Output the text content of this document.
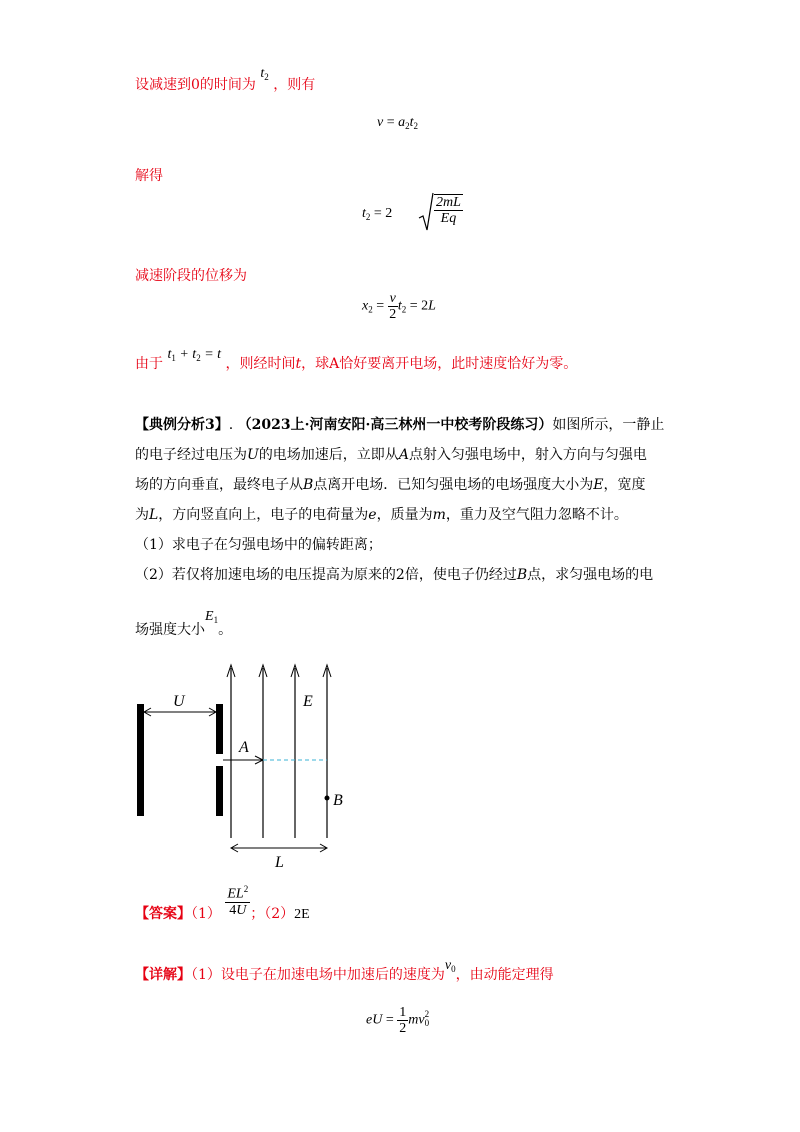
设减速到0的时间为 $t_2$ ，则有
$v = a_2t_2$
解得
$t_2 = 2$	$\frac{2mL}{Eq}$
减速阶段的位移为
$x_2 = \frac{v}{2} t_2 = 2L$
由于 $t_1 + t_2 = t$ ，则经时间t，球A恰好要离开电场，此时速度恰好为零。
【典例分析3】. （2023上·河南安阳·高三林州一中校考阶段练习）如图所示，一静止
的电子经过电压为U的电场加速后，立即从A点射入匀强电场中，射入方向与匀强电
场的方向垂直，最终电子从B点离开电场．已知匀强电场的电场强度大小为E，宽度
为L，方向竖直向上，电子的电荷量为e，质量为m，重力及空气阻力忽略不计。
（1）求电子在匀强电场中的偏转距离；
（2）若仅将加速电场的电压提高为原来的2倍，使电子仍经过B点，求匀强电场的电
场强度大小$E_1$。
U	E
A
B
L
【答案】$(1) \frac{EL^2}{4U}$ ；（2）2E
【详解】（1）设电子在加速电场中加速后的速度为$v_0$，由动能定理得
eU = $\frac{1}{2}$ mv 2
0
